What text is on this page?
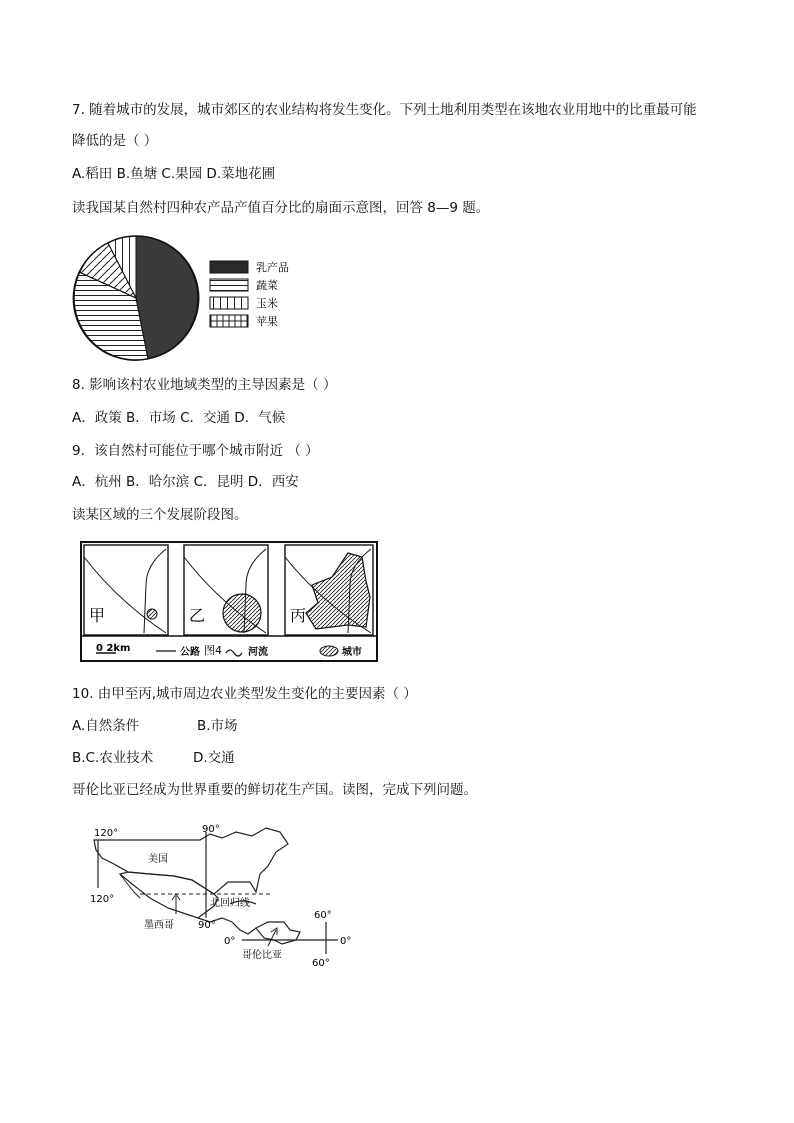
7. 随着城市的发展，城市郊区的农业结构将发生变化。下列土地利用类型在该地农业用地中的比重最可能
降低的是（ ）
A.稻田 B.鱼塘 C.果园 D.菜地花圃
读我国某自然村四种农产品产值百分比的扇面示意图，回答 8—9 题。
乳产品
蔬菜
玉米
苹果
8. 影响该村农业地域类型的主导因素是（ ）
A．政策 B．市场 C．交通 D．气候
9．该自然村可能位于哪个城市附近 （ ）
A．杭州 B．哈尔滨 C．昆明 D．西安
读某区域的三个发展阶段图。
甲	乙	丙
0 2km	公路 图4	河流	城市
10. 由甲至丙,城市周边农业类型发生变化的主要因素（ ）
A.自然条件	B.市场
B.C.农业技术	D.交通
哥伦比亚已经成为世界重要的鲜切花生产国。读图，完成下列问题。
120°
120°
90°
90°
60°
60°
0°	0°
美国
墨西哥
北回归线
哥伦比亚
